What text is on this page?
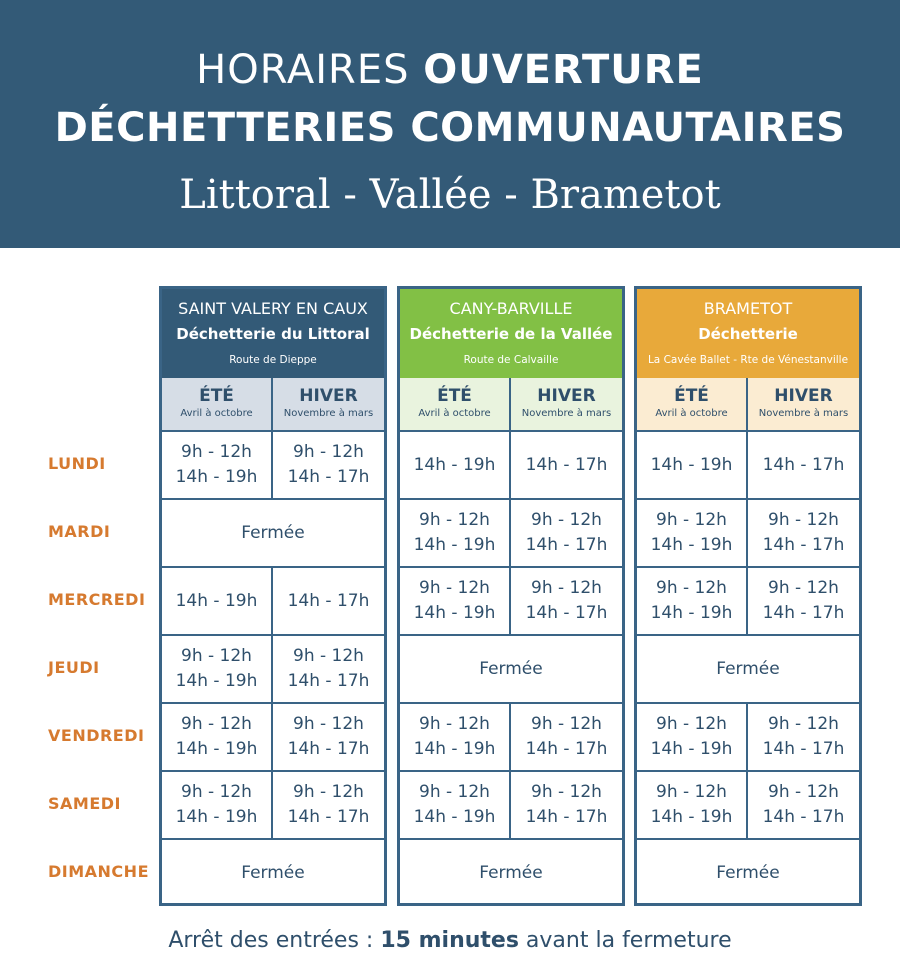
HORAIRES OUVERTURE
DÉCHETTERIES COMMUNAUTAIRES
Littoral - Vallée - Brametot
LUNDI
MARDI
MERCREDI
JEUDI
VENDREDI
SAMEDI
DIMANCHE
SAINT VALERY EN CAUX
Déchetterie du Littoral
Route de Dieppe
ÉTÉ
Avril à octobre
HIVER
Novembre à mars
9h - 12h
14h - 19h
9h - 12h
14h - 17h
Fermée
14h - 19h 14h - 17h
9h - 12h
14h - 19h
9h - 12h
14h - 17h
9h - 12h
14h - 19h
9h - 12h
14h - 17h
9h - 12h
14h - 19h
9h - 12h
14h - 17h
Fermée
CANY-BARVILLE
Déchetterie de la Vallée
Route de Calvaille
ÉTÉ
Avril à octobre
HIVER
Novembre à mars
14h - 19h 14h - 17h
9h - 12h
14h - 19h
9h - 12h
14h - 17h
9h - 12h
14h - 19h
9h - 12h
14h - 17h
Fermée
9h - 12h
14h - 19h
9h - 12h
14h - 17h
9h - 12h
14h - 19h
9h - 12h
14h - 17h
Fermée
BRAMETOT
Déchetterie
La Cavée Ballet - Rte de Vénestanville
ÉTÉ
Avril à octobre
HIVER
Novembre à mars
14h - 19h 14h - 17h
9h - 12h
14h - 19h
9h - 12h
14h - 17h
9h - 12h
14h - 19h
9h - 12h
14h - 17h
Fermée
9h - 12h
14h - 19h
9h - 12h
14h - 17h
9h - 12h
14h - 19h
9h - 12h
14h - 17h
Fermée
Arrêt des entrées : 15 minutes avant la fermeture
